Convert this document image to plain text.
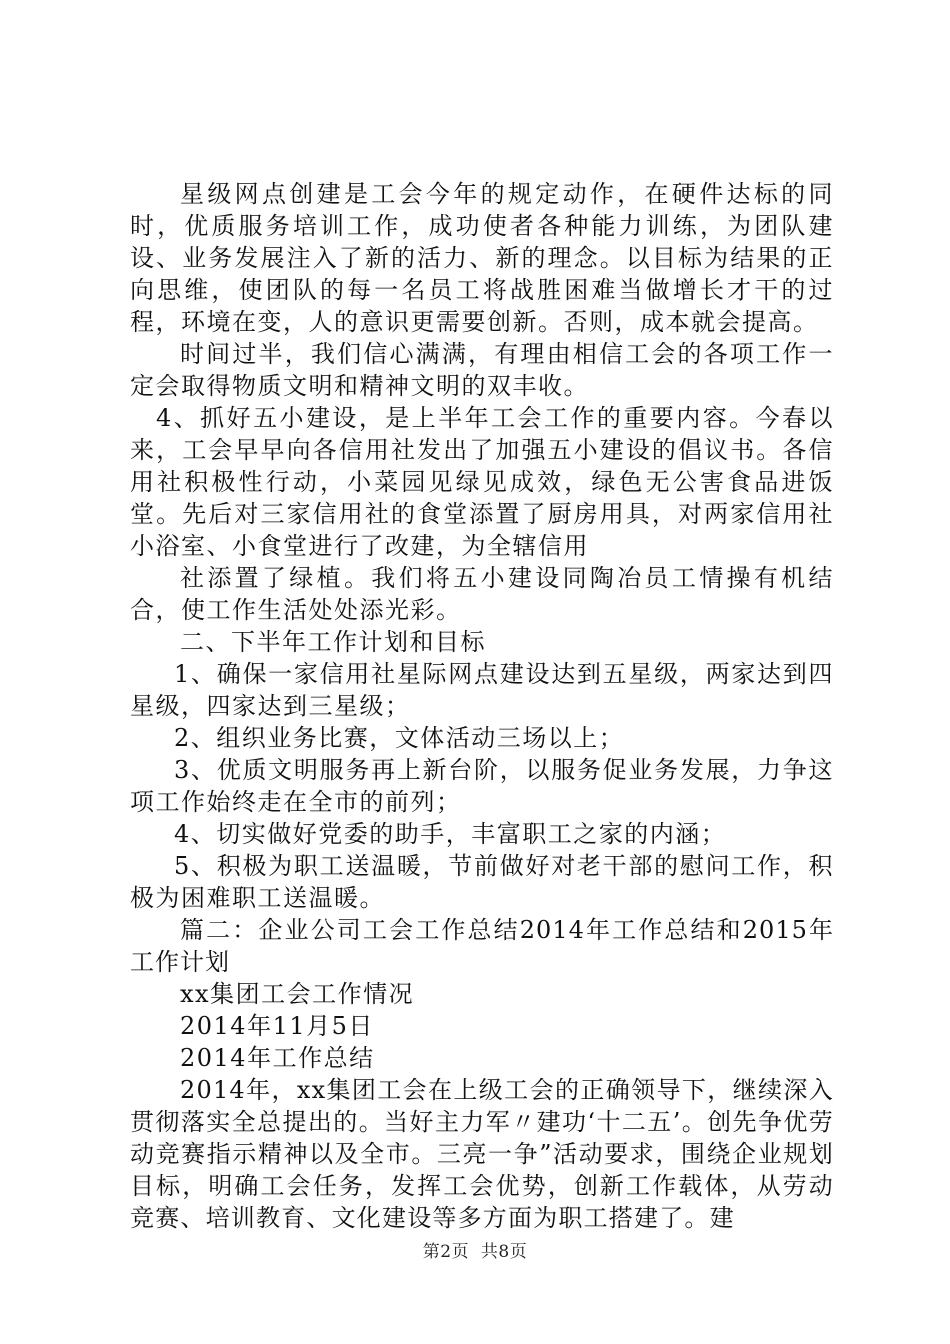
星级网点创建是工会今年的规定动作，在硬件达标的同时，优质服务培训工作，成功使者各种能力训练，为团队建设、业务发展注入了新的活力、新的理念。以目标为结果的正向思维，使团队的每一名员工将战胜困难当做增长才干的过程，环境在变，人的意识更需要创新。否则，成本就会提高。

时间过半，我们信心满满，有理由相信工会的各项工作一定会取得物质文明和精神文明的双丰收。

4、抓好五小建设，是上半年工会工作的重要内容。今春以来，工会早早向各信用社发出了加强五小建设的倡议书。各信用社积极性行动，小菜园见绿见成效，绿色无公害食品进饭堂。先后对三家信用社的食堂添置了厨房用具，对两家信用社小浴室、小食堂进行了改建，为全辖信用

社添置了绿植。我们将五小建设同陶冶员工情操有机结合，使工作生活处处添光彩。

二、下半年工作计划和目标

1、确保一家信用社星际网点建设达到五星级，两家达到四星级，四家达到三星级；

2、组织业务比赛，文体活动三场以上；

3、优质文明服务再上新台阶，以服务促业务发展，力争这项工作始终走在全市的前列；

4、切实做好党委的助手，丰富职工之家的内涵；

5、积极为职工送温暖，节前做好对老干部的慰问工作，积极为困难职工送温暖。

篇二：企业公司工会工作总结2014年工作总结和2015年工作计划

xx集团工会工作情况

2014年11月5日

2014年工作总结

2014年，xx集团工会在上级工会的正确领导下，继续深入贯彻落实全总提出的。当好主力军〃建功‘十二五’。创先争优劳动竞赛指示精神以及全市。三亮一争”活动要求，围绕企业规划目标，明确工会任务，发挥工会优势，创新工作载体，从劳动竞赛、培训教育、文化建设等多方面为职工搭建了。建

第2页  共8页
